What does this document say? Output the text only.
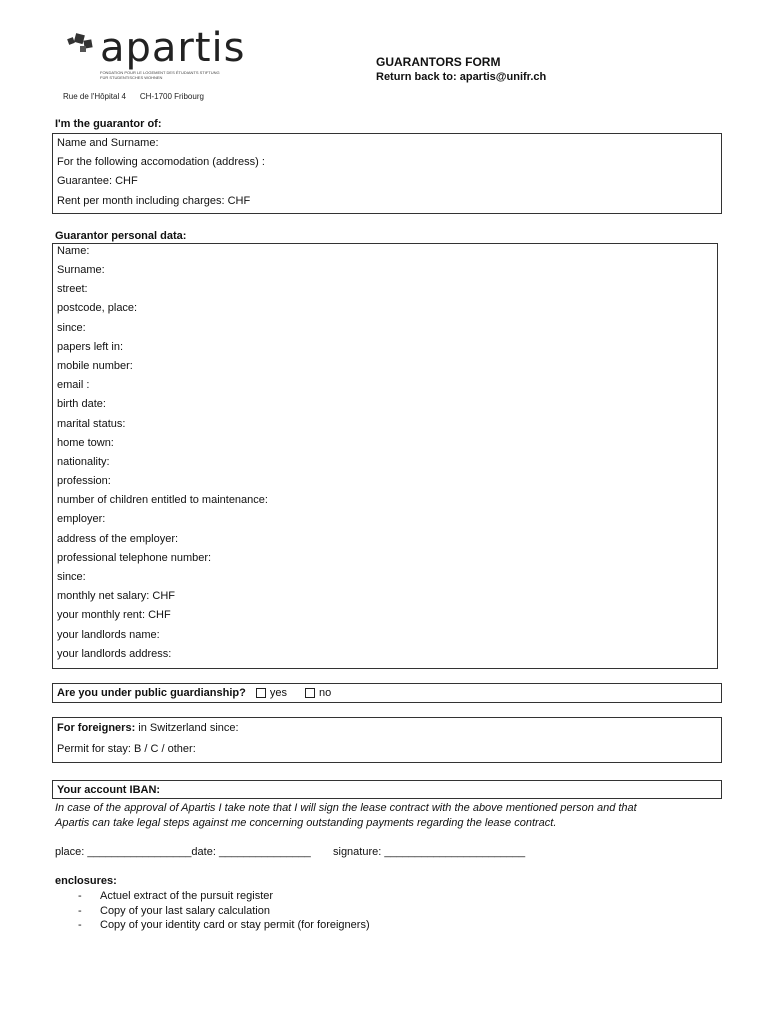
apartis
FONDATION POUR LE LOGEMENT DES ÉTUDIANTS STIFTUNG FÜR STUDENTISCHES WOHNEN
Rue de l'Hôpital 4 CH-1700 Fribourg
GUARANTORS FORM
Return back to: apartis@unifr.ch
I'm the guarantor of:
Name and Surname:
For the following accomodation (address) :
Guarantee: CHF
Rent per month including charges: CHF
Guarantor personal data:
Name:
Surname:
street:
postcode, place:
since:
papers left in:
mobile number:
email :
birth date:
marital status:
home town:
nationality:
profession:
number of children entitled to maintenance:
employer:
address of the employer:
professional telephone number:
since:
monthly net salary: CHF
your monthly rent: CHF
your landlords name:
your landlords address:
Are you under public guardianship? yes	no
For foreigners: in Switzerland since:
Permit for stay: B / C / other:
Your account IBAN:
In case of the approval of Apartis I take note that I will sign the lease contract with the above mentioned person and that
Apartis can take legal steps against me concerning outstanding payments regarding the lease contract.
place: _________________date: _______________ signature: _______________________
enclosures:
- Actuel extract of the pursuit register
- Copy of your last salary calculation
- Copy of your identity card or stay permit (for foreigners)
